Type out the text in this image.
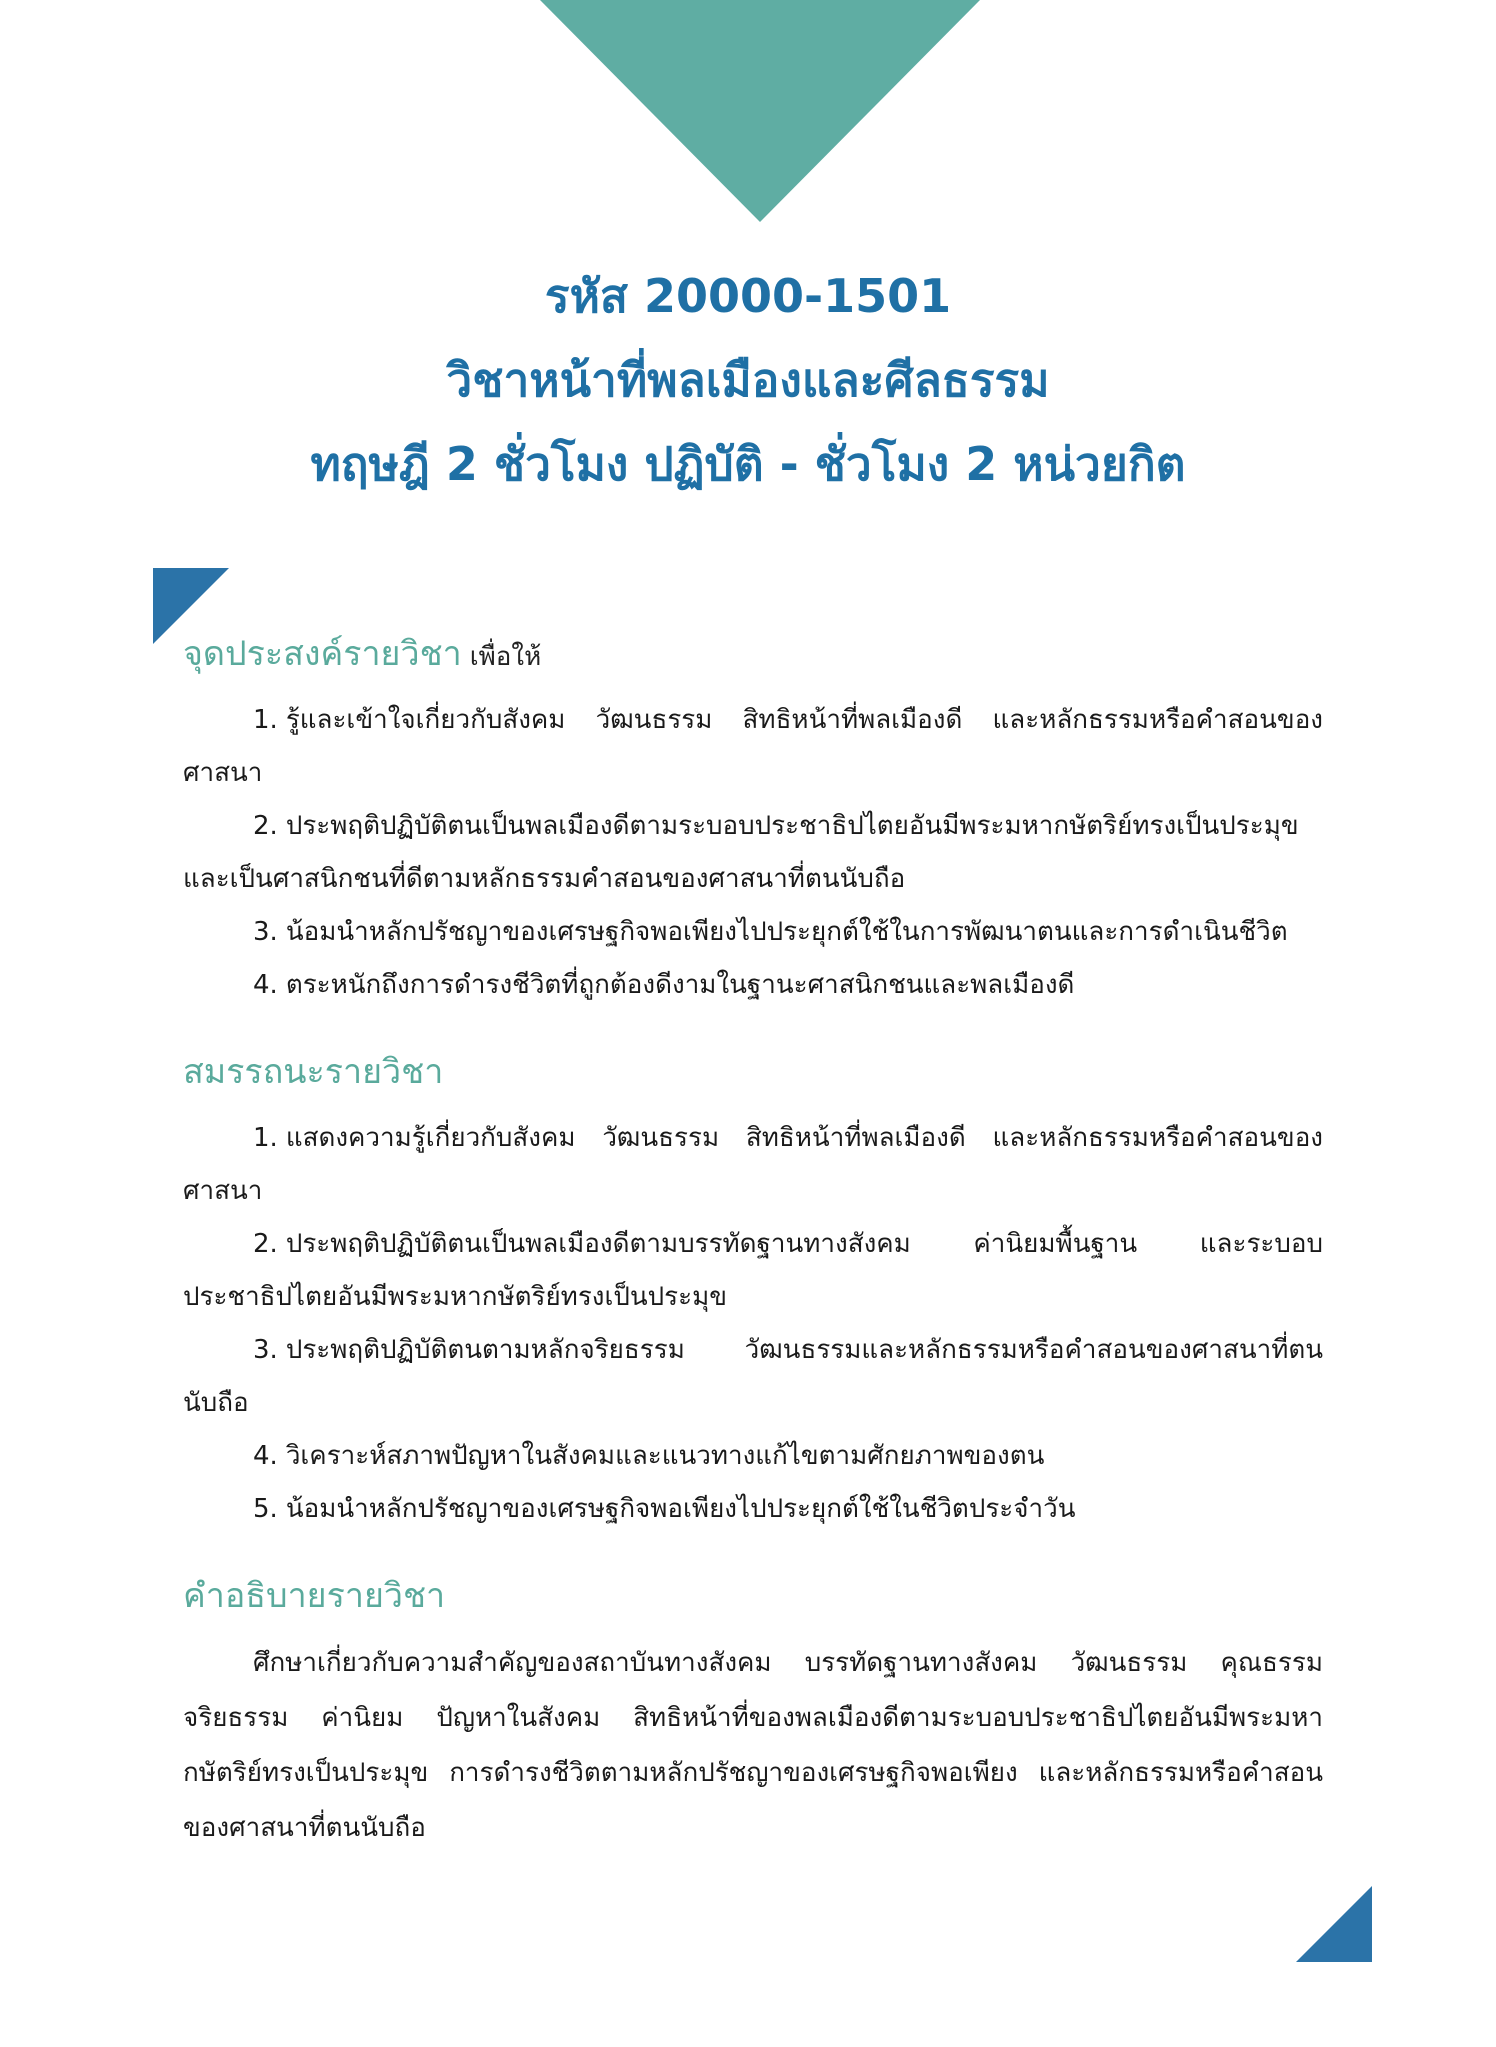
รหัส 20000-1501
วิชาหน้าที่พลเมืองและศีลธรรม
ทฤษฎี 2 ชั่วโมง ปฏิบัติ - ชั่วโมง 2 หน่วยกิต
จุดประสงค์รายวิชา เพื่อให้
1. รู้และเข้าใจเกี่ยวกับสังคม วัฒนธรรม สิทธิหน้าที่พลเมืองดี และหลักธรรมหรือคำสอนของศาสนา
2. ประพฤติปฏิบัติตนเป็นพลเมืองดีตามระบอบประชาธิปไตยอันมีพระมหากษัตริย์ทรงเป็นประมุข และเป็นศาสนิกชนที่ดีตามหลักธรรมคำสอนของศาสนาที่ตนนับถือ
3. น้อมนำหลักปรัชญาของเศรษฐกิจพอเพียงไปประยุกต์ใช้ในการพัฒนาตนและการดำเนินชีวิต
4. ตระหนักถึงการดำรงชีวิตที่ถูกต้องดีงามในฐานะศาสนิกชนและพลเมืองดี
สมรรถนะรายวิชา
1. แสดงความรู้เกี่ยวกับสังคม วัฒนธรรม สิทธิหน้าที่พลเมืองดี และหลักธรรมหรือคำสอนของศาสนา
2. ประพฤติปฏิบัติตนเป็นพลเมืองดีตามบรรทัดฐานทางสังคม ค่านิยมพื้นฐาน และระบอบประชาธิปไตยอันมีพระมหากษัตริย์ทรงเป็นประมุข
3. ประพฤติปฏิบัติตนตามหลักจริยธรรม วัฒนธรรมและหลักธรรมหรือคำสอนของศาสนาที่ตนนับถือ
4. วิเคราะห์สภาพปัญหาในสังคมและแนวทางแก้ไขตามศักยภาพของตน
5. น้อมนำหลักปรัชญาของเศรษฐกิจพอเพียงไปประยุกต์ใช้ในชีวิตประจำวัน
คำอธิบายรายวิชา

ศึกษาเกี่ยวกับความสำคัญของสถาบันทางสังคม บรรทัดฐานทางสังคม วัฒนธรรม คุณธรรม จริยธรรม ค่านิยม ปัญหาในสังคม สิทธิหน้าที่ของพลเมืองดีตามระบอบประชาธิปไตยอันมีพระมหากษัตริย์ทรงเป็นประมุข การดำรงชีวิตตามหลักปรัชญาของเศรษฐกิจพอเพียง และหลักธรรมหรือคำสอนของศาสนาที่ตนนับถือ
